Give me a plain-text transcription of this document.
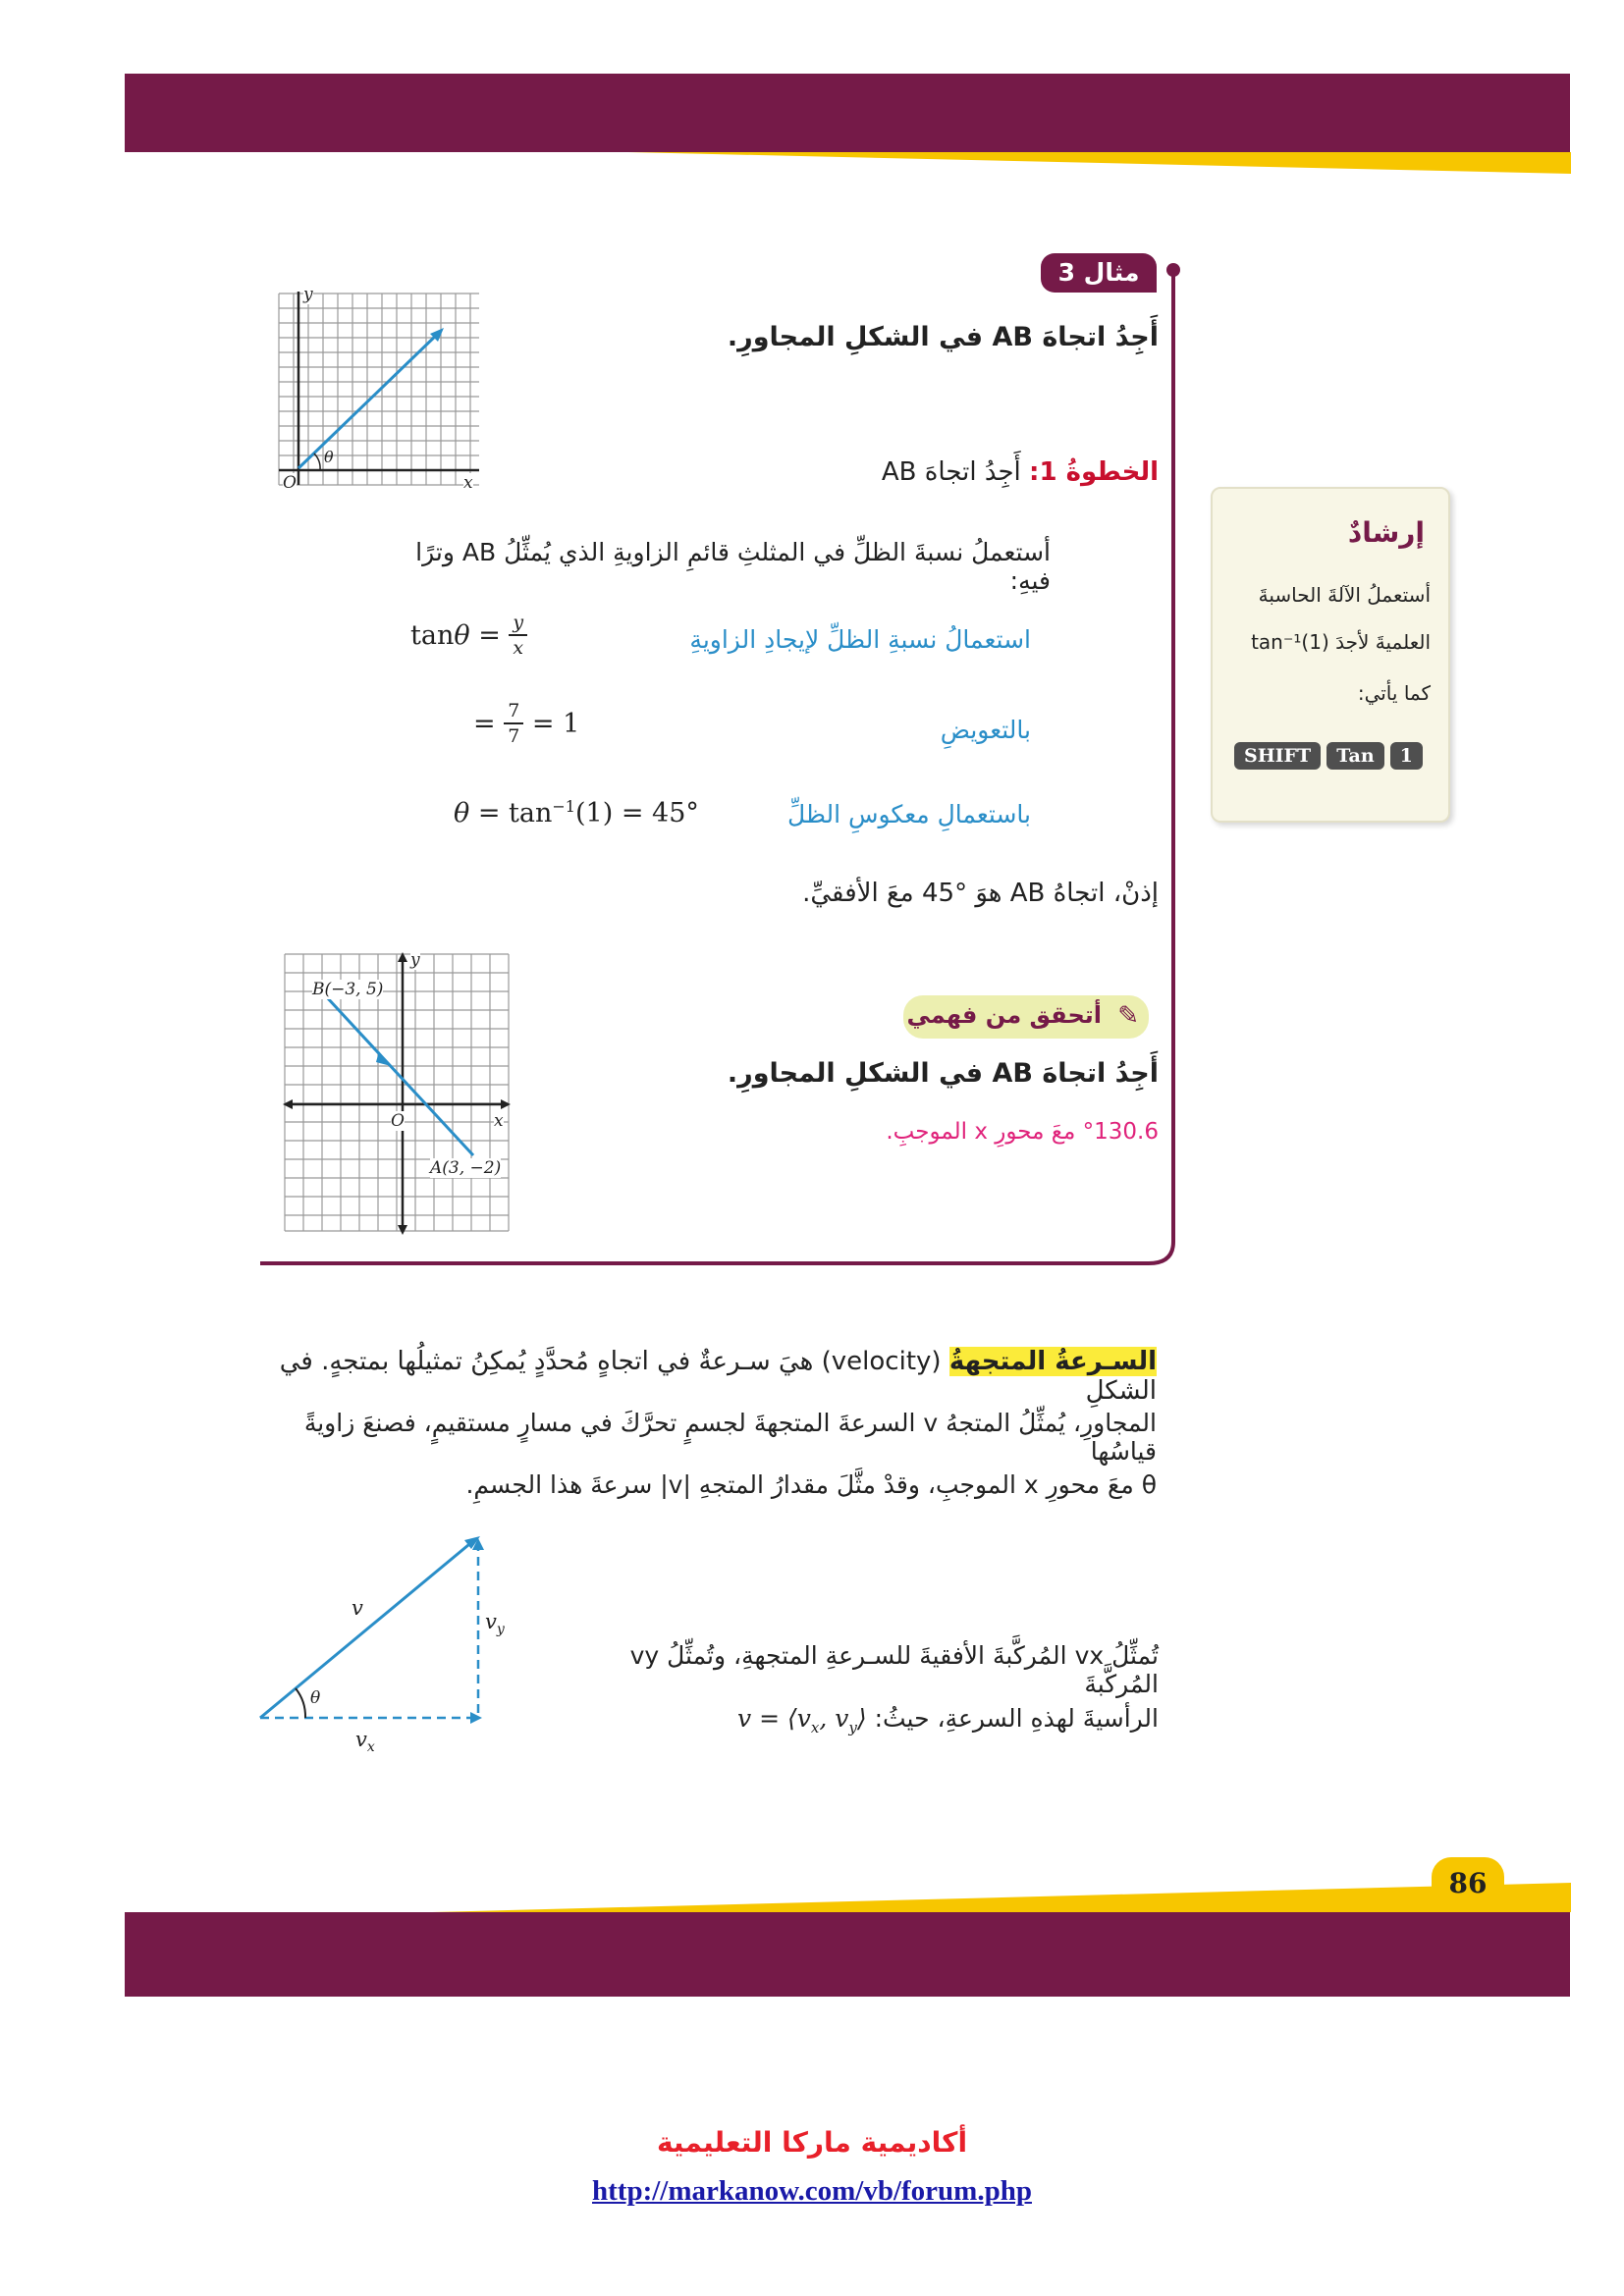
مثال 3
أَجِدُ اتجاهَ AB في الشكلِ المجاورِ.
y
x
O
θ
الخطوةُ 1: أَجِدُ اتجاهَ AB
أستعملُ نسبةَ الظلِّ في المثلثِ قائمِ الزاويةِ الذي يُمثِّلُ AB وترًا فيهِ:
استعمالُ نسبةِ الظلِّ لإيجادِ الزاويةِ
tan θ = y
x
بالتعويضِ
= 7
7 = 1
باستعمالِ معكوسِ الظلِّ
$\theta = \tan^{-1}(1) = 45^\circ$
إذنْ، اتجاهُ AB هوَ °45 معَ الأفقيِّ.
إرشادٌ
أستعملُ الآلةَ الحاسبةَ
العلميةَ لأجدَ (1)tan⁻¹
كما يأتي:
SHIFT Tan 1
y
x
O
B(−3, 5)
A(3, −2)
✎
أتحقق من فهمي
أَجِدُ اتجاهَ AB في الشكلِ المجاورِ.
°130.6 معَ محورِ x الموجبِ.
السـرعةُ المتجهةُ (velocity) هيَ سـرعةٌ في اتجاهٍ مُحدَّدٍ يُمكِنُ تمثيلُها بمتجهٍ. في الشكلِ
المجاورِ، يُمثِّلُ المتجهُ v السرعةَ المتجهةَ لجسمٍ تحرَّكَ في مسارٍ مستقيمٍ، فصنعَ زاويةً قياسُها
θ معَ محورِ x الموجبِ، وقدْ مثَّلَ مقدارُ المتجهِ |v| سرعةَ هذا الجسمِ.
v
$v_y$
$v_x$
θ
تُمثِّلُ vx المُركَّبةَ الأفقيةَ للسـرعةِ المتجهةِ، وتُمثِّلُ vy المُركَّبةَ
الرأسيةَ لهذهِ السرعةِ، حيثُ: $v = ⟨v_x$, $v_y⟩$
86
أكاديمية ماركا التعليمية
http://markanow.com/vb/forum.php
